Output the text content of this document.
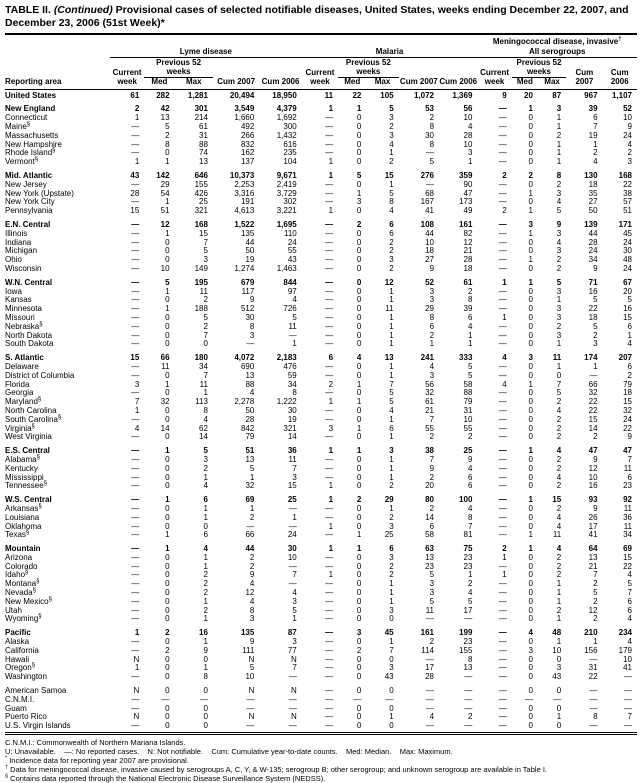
TABLE II. (Continued) Provisional cases of selected notifiable diseases, United States, weeks ending December 22, 2007, and December 23, 2006 (51st Week)*
Reporting area	Lyme disease					Malaria					Meningococcal disease, invasive†
All serogroups				
	Current week	Previous 52 weeks		Cum 2007	Cum 2006	Current week	Previous 52 weeks		Cum 2007	Cum 2006	Current week	Previous 52 weeks		Cum 2007	Cum 2006
		Med	Max				Med	Max				Med	Max		
United States	61	282	1,281	20,494	18,950	11	22	105	1,072	1,369	9	20	87	967	1,107
New England	2	42	301	3,549	4,379	1	1	5	53	56	—	1	3	39	52
Connecticut	1	13	214	1,660	1,692	—	0	3	2	10	—	0	1	6	10
Maine§	—	5	61	492	300	—	0	2	8	4	—	0	1	7	9
Massachusetts	—	2	31	266	1,432	—	0	3	30	28	—	0	2	19	24
New Hampshire	—	8	88	832	616	—	0	4	8	10	—	0	1	1	4
Rhode Island§	—	0	74	162	235	—	0	1	—	3	—	0	1	2	2
Vermont§	1	1	13	137	104	1	0	2	5	1	—	0	1	4	3
Mid. Atlantic	43	142	646	10,373	9,671	1	5	15	276	359	2	2	8	130	168
New Jersey	—	29	155	2,253	2,419	—	0	1	—	90	—	0	2	18	22
New York (Upstate)	28	54	426	3,316	3,729	—	1	5	68	47	—	1	3	35	38
New York City	—	1	25	191	302	—	3	8	167	173	—	0	4	27	57
Pennsylvania	15	51	321	4,613	3,221	1	0	4	41	49	2	1	5	50	51
E.N. Central	—	12	168	1,522	1,695	—	2	6	108	161	—	3	9	139	171
Illinois	—	1	15	135	110	—	0	6	44	82	—	1	3	44	45
Indiana	—	0	7	44	24	—	0	2	10	12	—	0	4	28	24
Michigan	—	0	5	50	55	—	0	2	18	21	—	0	3	24	30
Ohio	—	0	3	19	43	—	0	3	27	28	—	1	2	34	48
Wisconsin	—	10	149	1,274	1,463	—	0	2	9	18	—	0	2	9	24
W.N. Central	—	5	195	679	844	—	0	12	52	61	1	1	5	71	67
Iowa	—	1	11	117	97	—	0	1	3	2	—	0	3	16	20
Kansas	—	0	2	9	4	—	0	1	3	8	—	0	1	5	5
Minnesota	—	1	188	512	726	—	0	11	29	39	—	0	3	22	16
Missouri	—	0	5	30	5	—	0	1	8	6	1	0	3	18	15
Nebraska§	—	0	2	8	11	—	0	1	6	4	—	0	2	5	6
North Dakota	—	0	7	3	—	—	0	1	2	1	—	0	3	2	1
South Dakota	—	0	0	—	1	—	0	1	1	1	—	0	1	3	4
S. Atlantic	15	66	180	4,072	2,183	6	4	13	241	333	4	3	11	174	207
Delaware	—	11	34	690	476	—	0	1	4	5	—	0	1	1	6
District of Columbia	—	0	7	13	59	—	0	1	3	5	—	0	0	—	2
Florida	3	1	11	88	34	2	1	7	56	58	4	1	7	66	79
Georgia	—	0	1	4	8	—	0	5	32	88	—	0	5	32	18
Maryland§	7	32	113	2,278	1,222	1	1	5	61	79	—	0	2	22	15
North Carolina	1	0	8	50	30	—	0	4	21	31	—	0	4	22	32
South Carolina§	—	0	4	28	19	—	0	1	7	10	—	0	2	15	24
Virginia§	4	14	62	842	321	3	1	6	55	55	—	0	2	14	22
West Virginia	—	0	14	79	14	—	0	1	2	2	—	0	2	2	9
E.S. Central	—	1	5	51	36	1	1	3	38	25	—	1	4	47	47
Alabama§	—	0	3	13	11	—	0	1	7	9	—	0	2	9	7
Kentucky	—	0	2	5	7	—	0	1	9	4	—	0	2	12	11
Mississippi	—	0	1	1	3	—	0	1	2	6	—	0	4	10	6
Tennessee§	—	0	4	32	15	1	0	2	20	6	—	0	2	16	23
W.S. Central	—	1	6	69	25	1	2	29	80	100	—	1	15	93	92
Arkansas§	—	0	1	1	—	—	0	1	2	4	—	0	2	9	11
Louisiana	—	0	1	2	1	—	0	2	14	8	—	0	4	26	36
Oklahoma	—	0	0	—	—	1	0	3	6	7	—	0	4	17	11
Texas§	—	1	6	66	24	—	1	25	58	81	—	1	11	41	34
Mountain	—	1	4	44	30	1	1	6	63	75	2	1	4	64	69
Arizona	—	0	1	2	10	—	0	3	13	23	1	0	2	13	15
Colorado	—	0	1	2	—	—	0	2	23	23	—	0	2	21	22
Idaho§	—	0	2	9	7	1	0	2	5	1	1	0	2	7	4
Montana§	—	0	2	4	—	—	0	1	3	2	—	0	1	2	5
Nevada§	—	0	2	12	4	—	0	1	3	4	—	0	1	5	7
New Mexico§	—	0	1	4	3	—	0	1	5	5	—	0	1	2	6
Utah	—	0	2	8	5	—	0	3	11	17	—	0	2	12	6
Wyoming§	—	0	1	3	1	—	0	0	—	—	—	0	1	2	4
Pacific	1	2	16	135	87	—	3	45	161	199	—	4	48	210	234
Alaska	—	0	1	9	3	—	0	1	2	23	—	0	1	1	4
California	—	2	9	111	77	—	2	7	114	155	—	3	10	156	179
Hawaii	N	0	0	N	N	—	0	0	—	8	—	0	0	—	10
Oregon§	1	0	1	5	7	—	0	3	17	13	—	0	3	31	41
Washington	—	0	8	10	—	—	0	43	28	—	—	0	43	22	—
American Samoa	N	0	0	N	N	—	0	0	—	—	—	0	0	—	—
C.N.M.I.	—	—	—	—	—	—	—	—	—	—	—	—	—	—	—
Guam	—	0	0	—	—	—	0	0	—	—	—	0	0	—	—
Puerto Rico	N	0	0	N	N	—	0	1	4	2	—	0	1	8	7
U.S. Virgin Islands	—	0	0	—	—	—	0	0	—	—	—	0	0	—	—
C.N.M.I.: Commonwealth of Northern Mariana Islands.
U: Unavailable.    —: No reported cases.    N: Not notifiable.    Cum: Cumulative year-to-date counts.    Med: Median.    Max: Maximum.
* Incidence data for reporting year 2007 are provisional.
† Data for meningococcal disease, invasive caused by serogroups A, C, Y, & W-135; serogroup B; other serogroup; and unknown serogroup are available in Table I.
§ Contains data reported through the National Electronic Disease Surveillance System (NEDSS).
